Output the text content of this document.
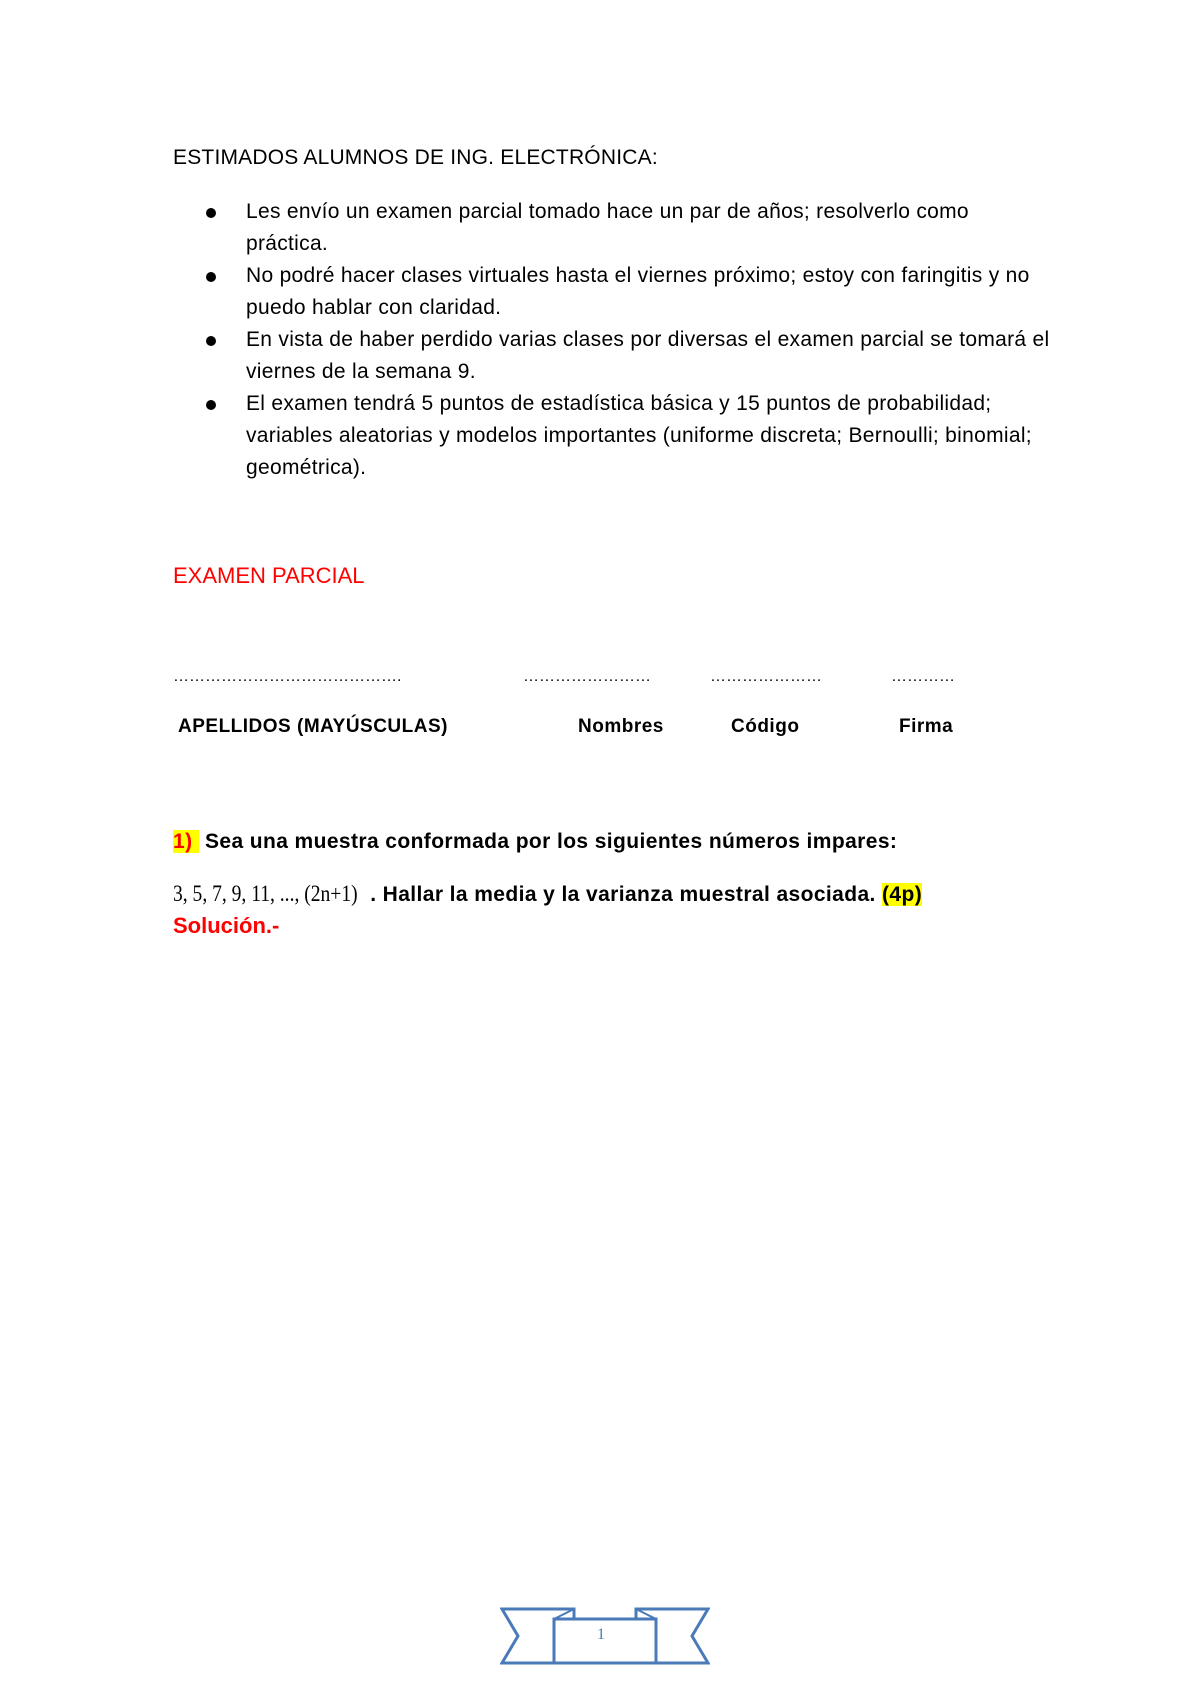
ESTIMADOS ALUMNOS DE ING. ELECTRÓNICA:
Les envío un examen parcial tomado hace un par de años; resolverlo como práctica.
No podré hacer clases virtuales hasta el viernes próximo; estoy con faringitis y no puedo hablar con claridad.
En vista de haber perdido varias clases por diversas el examen parcial se tomará el viernes de la semana 9.
El examen tendrá 5 puntos de estadística básica y 15 puntos de probabilidad; variables aleatorias y modelos importantes (uniforme discreta; Bernoulli; binomial; geométrica).
EXAMEN PARCIAL
…………………………………….	……………………	…………………	…………
APELLIDOS (MAYÚSCULAS)	Nombres	Código	Firma
1)  Sea una muestra conformada por los siguientes números impares:
3, 5, 7, 9, 11, ..., (2n+1) . Hallar la media y la varianza muestral asociada. (4p)
Solución.-
1
